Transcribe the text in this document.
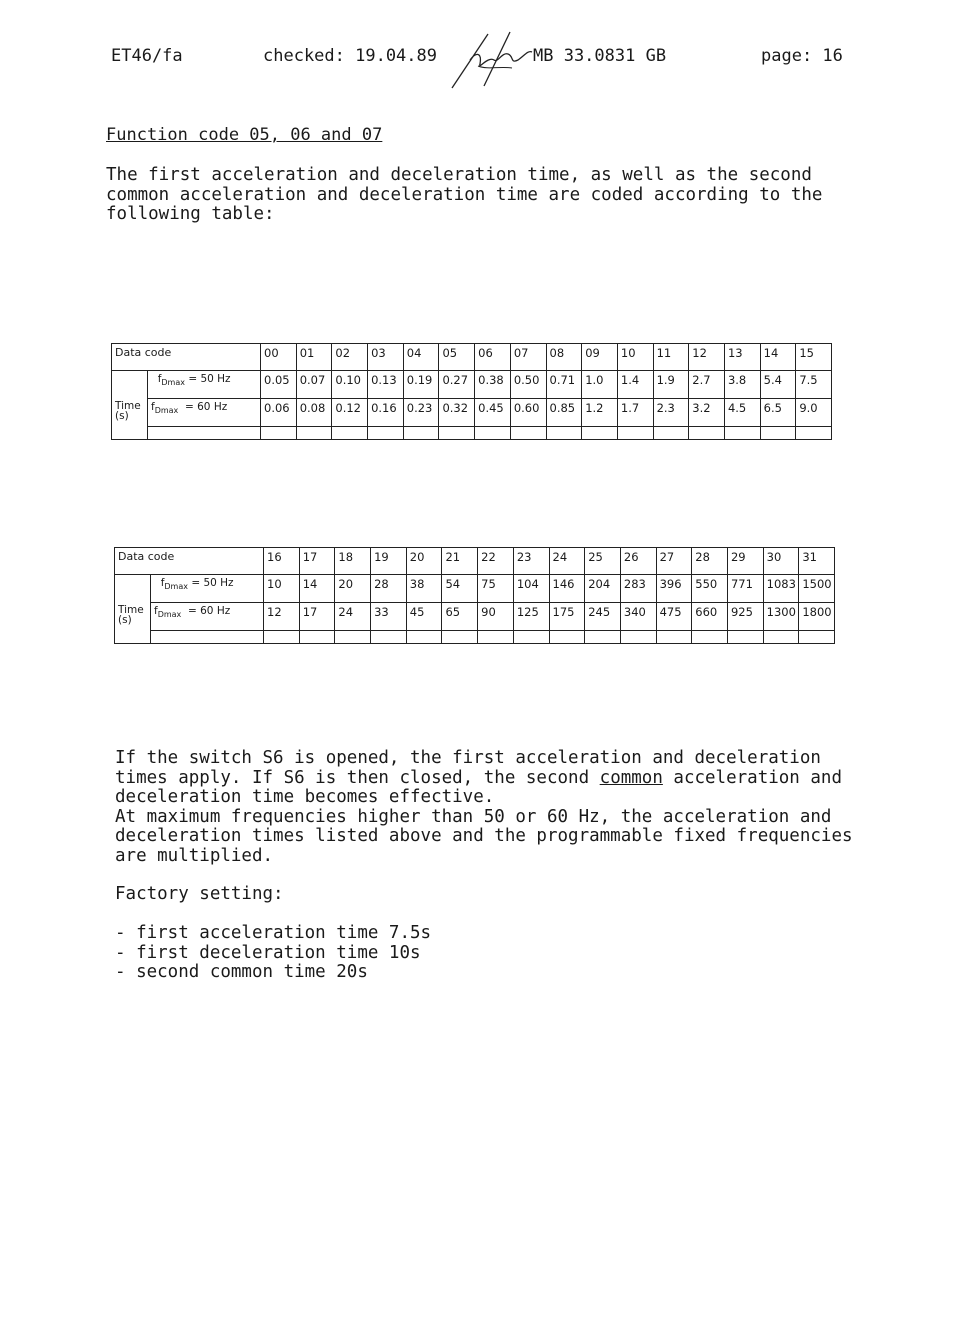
ET46/fa	checked: 19.04.89	MB 33.0831 GB	page: 16
Function code 05, 06 and 07

The first acceleration and deceleration time, as well as the second
common acceleration and deceleration time are coded according to the
following table:

Data code		00	01	02	03	04	05	06	07	08	09	10	11	12	13	14	15

Time
(s)	$f_{Dmax} = 50$ Hz	0.05	0.07	0.10	0.13	0.19	0.27	0.38	0.50	0.71	1.0	1.4	1.9	2.7	3.8	5.4	7.5
	$f_{Dmax} = 60$ Hz	0.06	0.08	0.12	0.16	0.23	0.32	0.45	0.60	0.85	1.2	1.7	2.3	3.2	4.5	6.5	9.0

Data code		16	17	18	19	20	21	22	23	24	25	26	27	28	29	30	31

Time
(s)	$f_{Dmax} = 50$ Hz	10	14	20	28	38	54	75	104	146	204	283	396	550	771	1083	1500
	$f_{Dmax} = 60$ Hz	12	17	24	33	45	65	90	125	175	245	340	475	660	925	1300	1800

If the switch S6 is opened, the first acceleration and deceleration
times apply. If S6 is then closed, the second common acceleration and
deceleration time becomes effective.
At maximum frequencies higher than 50 or 60 Hz, the acceleration and
deceleration times listed above and the programmable fixed frequencies
are multiplied.
Factory setting:
- first acceleration time 7.5s
- first deceleration time 10s
- second common time 20s
